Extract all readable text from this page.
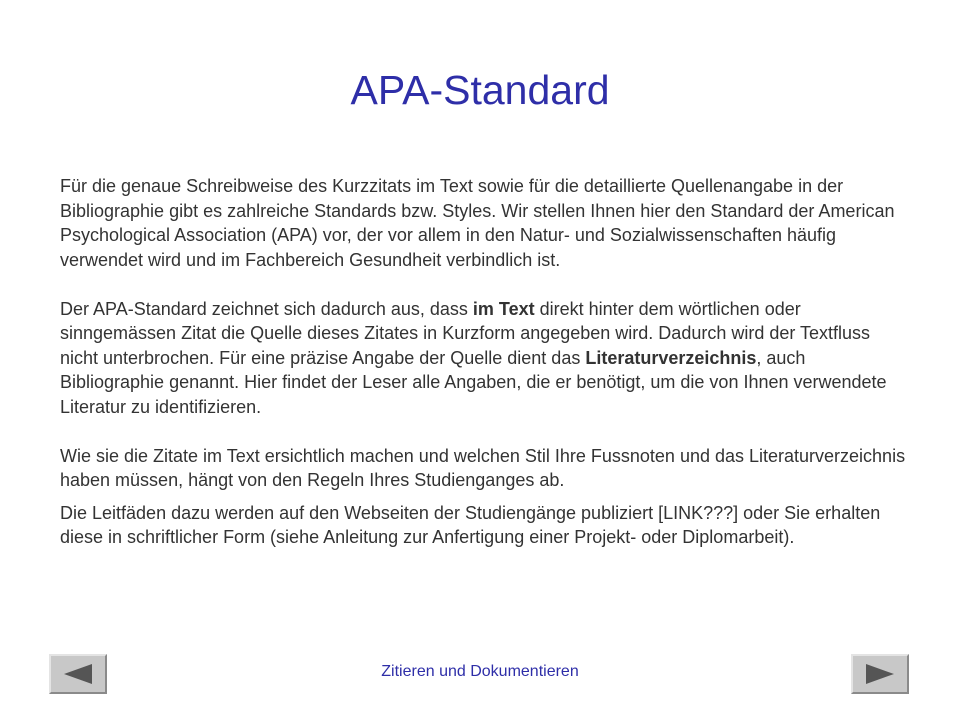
APA-Standard

Für die genaue Schreibweise des Kurzzitats im Text sowie für die detaillierte Quellenangabe in der Bibliographie gibt es zahlreiche Standards bzw. Styles. Wir stellen Ihnen hier den Standard der American Psychological Association (APA) vor, der vor allem in den Natur- und Sozialwissenschaften häufig verwendet wird und im Fachbereich Gesundheit verbindlich ist.

Der APA-Standard zeichnet sich dadurch aus, dass im Text direkt hinter dem wörtlichen oder sinngemässen Zitat die Quelle dieses Zitates in Kurzform angegeben wird. Dadurch wird der Textfluss nicht unterbrochen. Für eine präzise Angabe der Quelle dient das Literaturverzeichnis, auch Bibliographie genannt. Hier findet der Leser alle Angaben, die er benötigt, um die von Ihnen verwendete Literatur zu identifizieren.

Wie sie die Zitate im Text ersichtlich machen und welchen Stil Ihre Fussnoten und das Literaturverzeichnis haben müssen, hängt von den Regeln Ihres Studienganges ab.

Die Leitfäden dazu werden auf den Webseiten der Studiengänge publiziert [LINK???] oder Sie erhalten diese in schriftlicher Form (siehe Anleitung zur Anfertigung einer Projekt- oder Diplomarbeit).

Zitieren und Dokumentieren
